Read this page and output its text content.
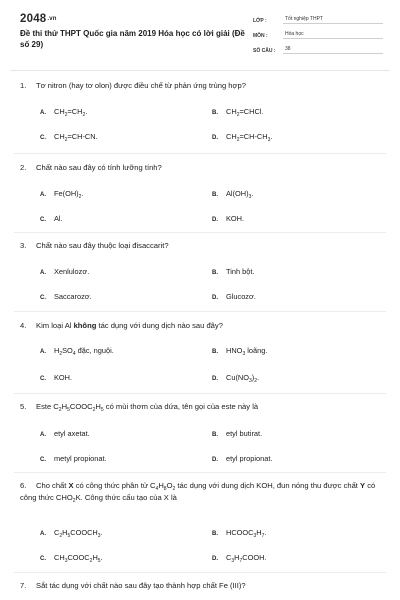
2048.vn
Đề thi thử THPT Quốc gia năm 2019 Hóa học có lời giải (Đề số 29)
LỚP :	Tốt nghiệp THPT
MÔN :	Hóa học
SỐ CÂU :	38
1. Tơ nitron (hay tơ olon) được điều chế từ phản ứng trùng hợp?
A. $CH_2=CH_2$.	B. $CH_2=CHCl$.
C. $CH_2=CH-CN$.	D. $CH_2=CH-CH_3$.
2. Chất nào sau đây có tính lưỡng tính?
A. $Fe(OH)_2$.	B. $Al(OH)_3$.
C. Al.	D. KOH.
3. Chất nào sau đây thuộc loại đisaccarit?
A. Xenlulozơ.	B. Tinh bột.
C. Saccarozơ.	D. Glucozơ.
4. Kim loại Al không tác dụng với dung dịch nào sau đây?
A. $H_2SO_4$ đặc, nguội.	B. $HNO_3$ loãng.
C. KOH.	D. $Cu(NO_3)_2$.
5. Este $C_2H_5COOC_2H_5$ có mùi thơm của dứa, tên gọi của este này là
A. etyl axetat.	B. etyl butirat.
C. metyl propionat.	D. etyl propionat.
6. Cho chất X có công thức phân tử $C_4H_8O_2$ tác dụng với dung dịch KOH, đun nóng thu được chất Y có công thức $CHO_2K$. Công thức cấu tạo của X là
A. $C_2H_5COOCH_3$.	B. $HCOOC_3H_7$.
C. $CH_3COOC_2H_5$.	D. $C_3H_7COOH$.
7. Sắt tác dụng với chất nào sau đây tạo thành hợp chất Fe (III)?
